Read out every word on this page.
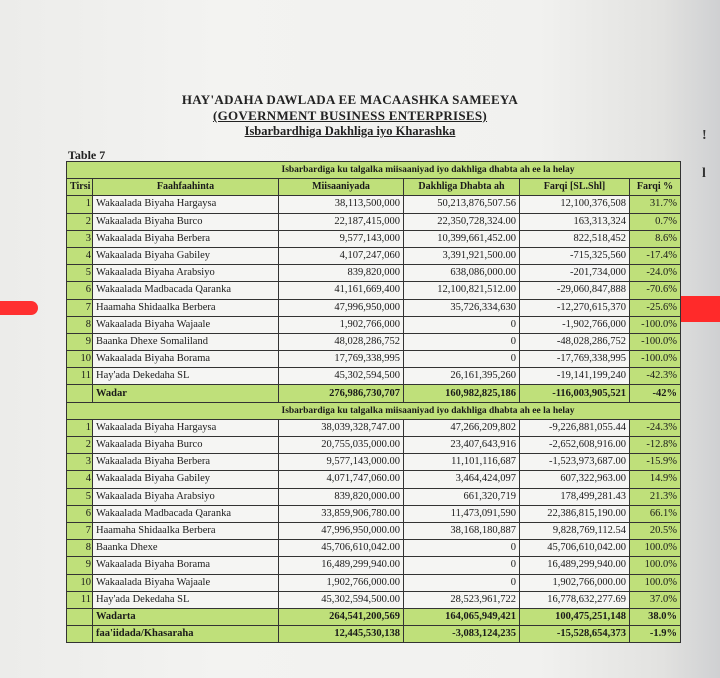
!
l
HAY'ADAHA DAWLADA EE MACAASHKA SAMEEYA
(GOVERNMENT BUSINESS ENTERPRISES)
Isbarbardhiga Dakhliga iyo Kharashka
Table 7
		Isbarbardiga ku talgalka miisaaniyad iyo dakhliga dhabta ah ee la helay			
Tirsi	Faahfaahinta	Miisaaniyada	Dakhliga Dhabta ah	Farqi [SL.Shl]	Farqi %
1	Wakaalada Biyaha Hargaysa	38,113,500,000	50,213,876,507.56	12,100,376,508	31.7%
2	Wakaalada Biyaha Burco	22,187,415,000	22,350,728,324.00	163,313,324	0.7%
3	Wakaalada Biyaha Berbera	9,577,143,000	10,399,661,452.00	822,518,452	8.6%
4	Wakaalada Biyaha Gabiley	4,107,247,060	3,391,921,500.00	-715,325,560	-17.4%
5	Wakaalada Biyaha Arabsiyo	839,820,000	638,086,000.00	-201,734,000	-24.0%
6	Wakaalada Madbacada Qaranka	41,161,669,400	12,100,821,512.00	-29,060,847,888	-70.6%
7	Haamaha Shidaalka Berbera	47,996,950,000	35,726,334,630	-12,270,615,370	-25.6%
8	Wakaalada Biyaha Wajaale	1,902,766,000	0	-1,902,766,000	-100.0%
9	Baanka Dhexe Somaliland	48,028,286,752	0	-48,028,286,752	-100.0%
10	Wakaalada Biyaha Borama	17,769,338,995	0	-17,769,338,995	-100.0%
11	Hay'ada Dekedaha SL	45,302,594,500	26,161,395,260	-19,141,199,240	-42.3%
	Wadar	276,986,730,707	160,982,825,186	-116,003,905,521	-42%
		Isbarbardiga ku talgalka miisaaniyad iyo dakhliga dhabta ah ee la helay			
1	Wakaalada Biyaha Hargaysa	38,039,328,747.00	47,266,209,802	-9,226,881,055.44	-24.3%
2	Wakaalada Biyaha Burco	20,755,035,000.00	23,407,643,916	-2,652,608,916.00	-12.8%
3	Wakaalada Biyaha Berbera	9,577,143,000.00	11,101,116,687	-1,523,973,687.00	-15.9%
4	Wakaalada Biyaha Gabiley	4,071,747,060.00	3,464,424,097	607,322,963.00	14.9%
5	Wakaalada Biyaha Arabsiyo	839,820,000.00	661,320,719	178,499,281.43	21.3%
6	Wakaalada Madbacada Qaranka	33,859,906,780.00	11,473,091,590	22,386,815,190.00	66.1%
7	Haamaha Shidaalka Berbera	47,996,950,000.00	38,168,180,887	9,828,769,112.54	20.5%
8	Baanka Dhexe	45,706,610,042.00	0	45,706,610,042.00	100.0%
9	Wakaalada Biyaha Borama	16,489,299,940.00	0	16,489,299,940.00	100.0%
10	Wakaalada Biyaha Wajaale	1,902,766,000.00	0	1,902,766,000.00	100.0%
11	Hay'ada Dekedaha SL	45,302,594,500.00	28,523,961,722	16,778,632,277.69	37.0%
	Wadarta	264,541,200,569	164,065,949,421	100,475,251,148	38.0%
	faa'iidada/Khasaraha	12,445,530,138	-3,083,124,235	-15,528,654,373	-1.9%
